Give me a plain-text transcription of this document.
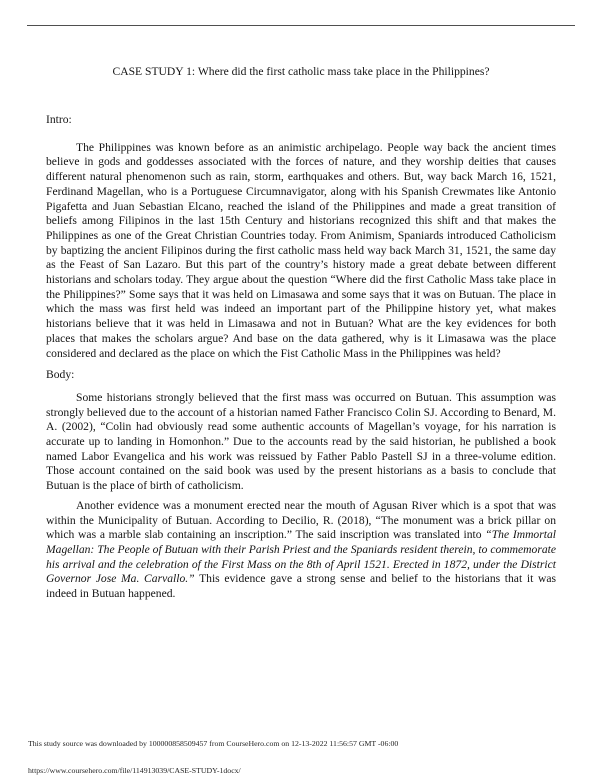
CASE STUDY 1: Where did the first catholic mass take place in the Philippines?
Intro:

The Philippines was known before as an animistic archipelago. People way back the ancient times believe in gods and goddesses associated with the forces of nature, and they worship deities that causes different natural phenomenon such as rain, storm, earthquakes and others. But, way back March 16, 1521, Ferdinand Magellan, who is a Portuguese Circumnavigator, along with his Spanish Crewmates like Antonio Pigafetta and Juan Sebastian Elcano, reached the island of the Philippines and made a great transition of beliefs among Filipinos in the last 15th Century and historians recognized this shift and that makes the Philippines as one of the Great Christian Countries today. From Animism, Spaniards introduced Catholicism by baptizing the ancient Filipinos during the first catholic mass held way back March 31, 1521, the same day as the Feast of San Lazaro. But this part of the country’s history made a great debate between different historians and scholars today. They argue about the question “Where did the first Catholic Mass take place in the Philippines?” Some says that it was held on Limasawa and some says that it was on Butuan. The place in which the mass was first held was indeed an important part of the Philippine history yet, what makes historians believe that it was held in Limasawa and not in Butuan? What are the key evidences for both places that makes the scholars argue? And base on the data gathered, why is it Limasawa was the place considered and declared as the place on which the Fist Catholic Mass in the Philippines was held?

Body:

Some historians strongly believed that the first mass was occurred on Butuan. This assumption was strongly believed due to the account of a historian named Father Francisco Colin SJ. According to Benard, M. A. (2002), “Colin had obviously read some authentic accounts of Magellan’s voyage, for his narration is accurate up to landing in Homonhon.” Due to the accounts read by the said historian, he published a book named Labor Evangelica and his work was reissued by Father Pablo Pastell SJ in a three-volume edition. Those account contained on the said book was used by the present historians as a basis to conclude that Butuan is the place of birth of catholicism.

Another evidence was a monument erected near the mouth of Agusan River which is a spot that was within the Municipality of Butuan. According to Decilio, R. (2018), “The monument was a brick pillar on which was a marble slab containing an inscription.” The said inscription was translated into “The Immortal Magellan: The People of Butuan with their Parish Priest and the Spaniards resident therein, to commemorate his arrival and the celebration of the First Mass on the 8th of April 1521. Erected in 1872, under the District Governor Jose Ma. Carvallo.” This evidence gave a strong sense and belief to the historians that it was indeed in Butuan happened.

This study source was downloaded by 100000858509457 from CourseHero.com on 12-13-2022 11:56:57 GMT -06:00
https://www.coursehero.com/file/114913039/CASE-STUDY-1docx/
